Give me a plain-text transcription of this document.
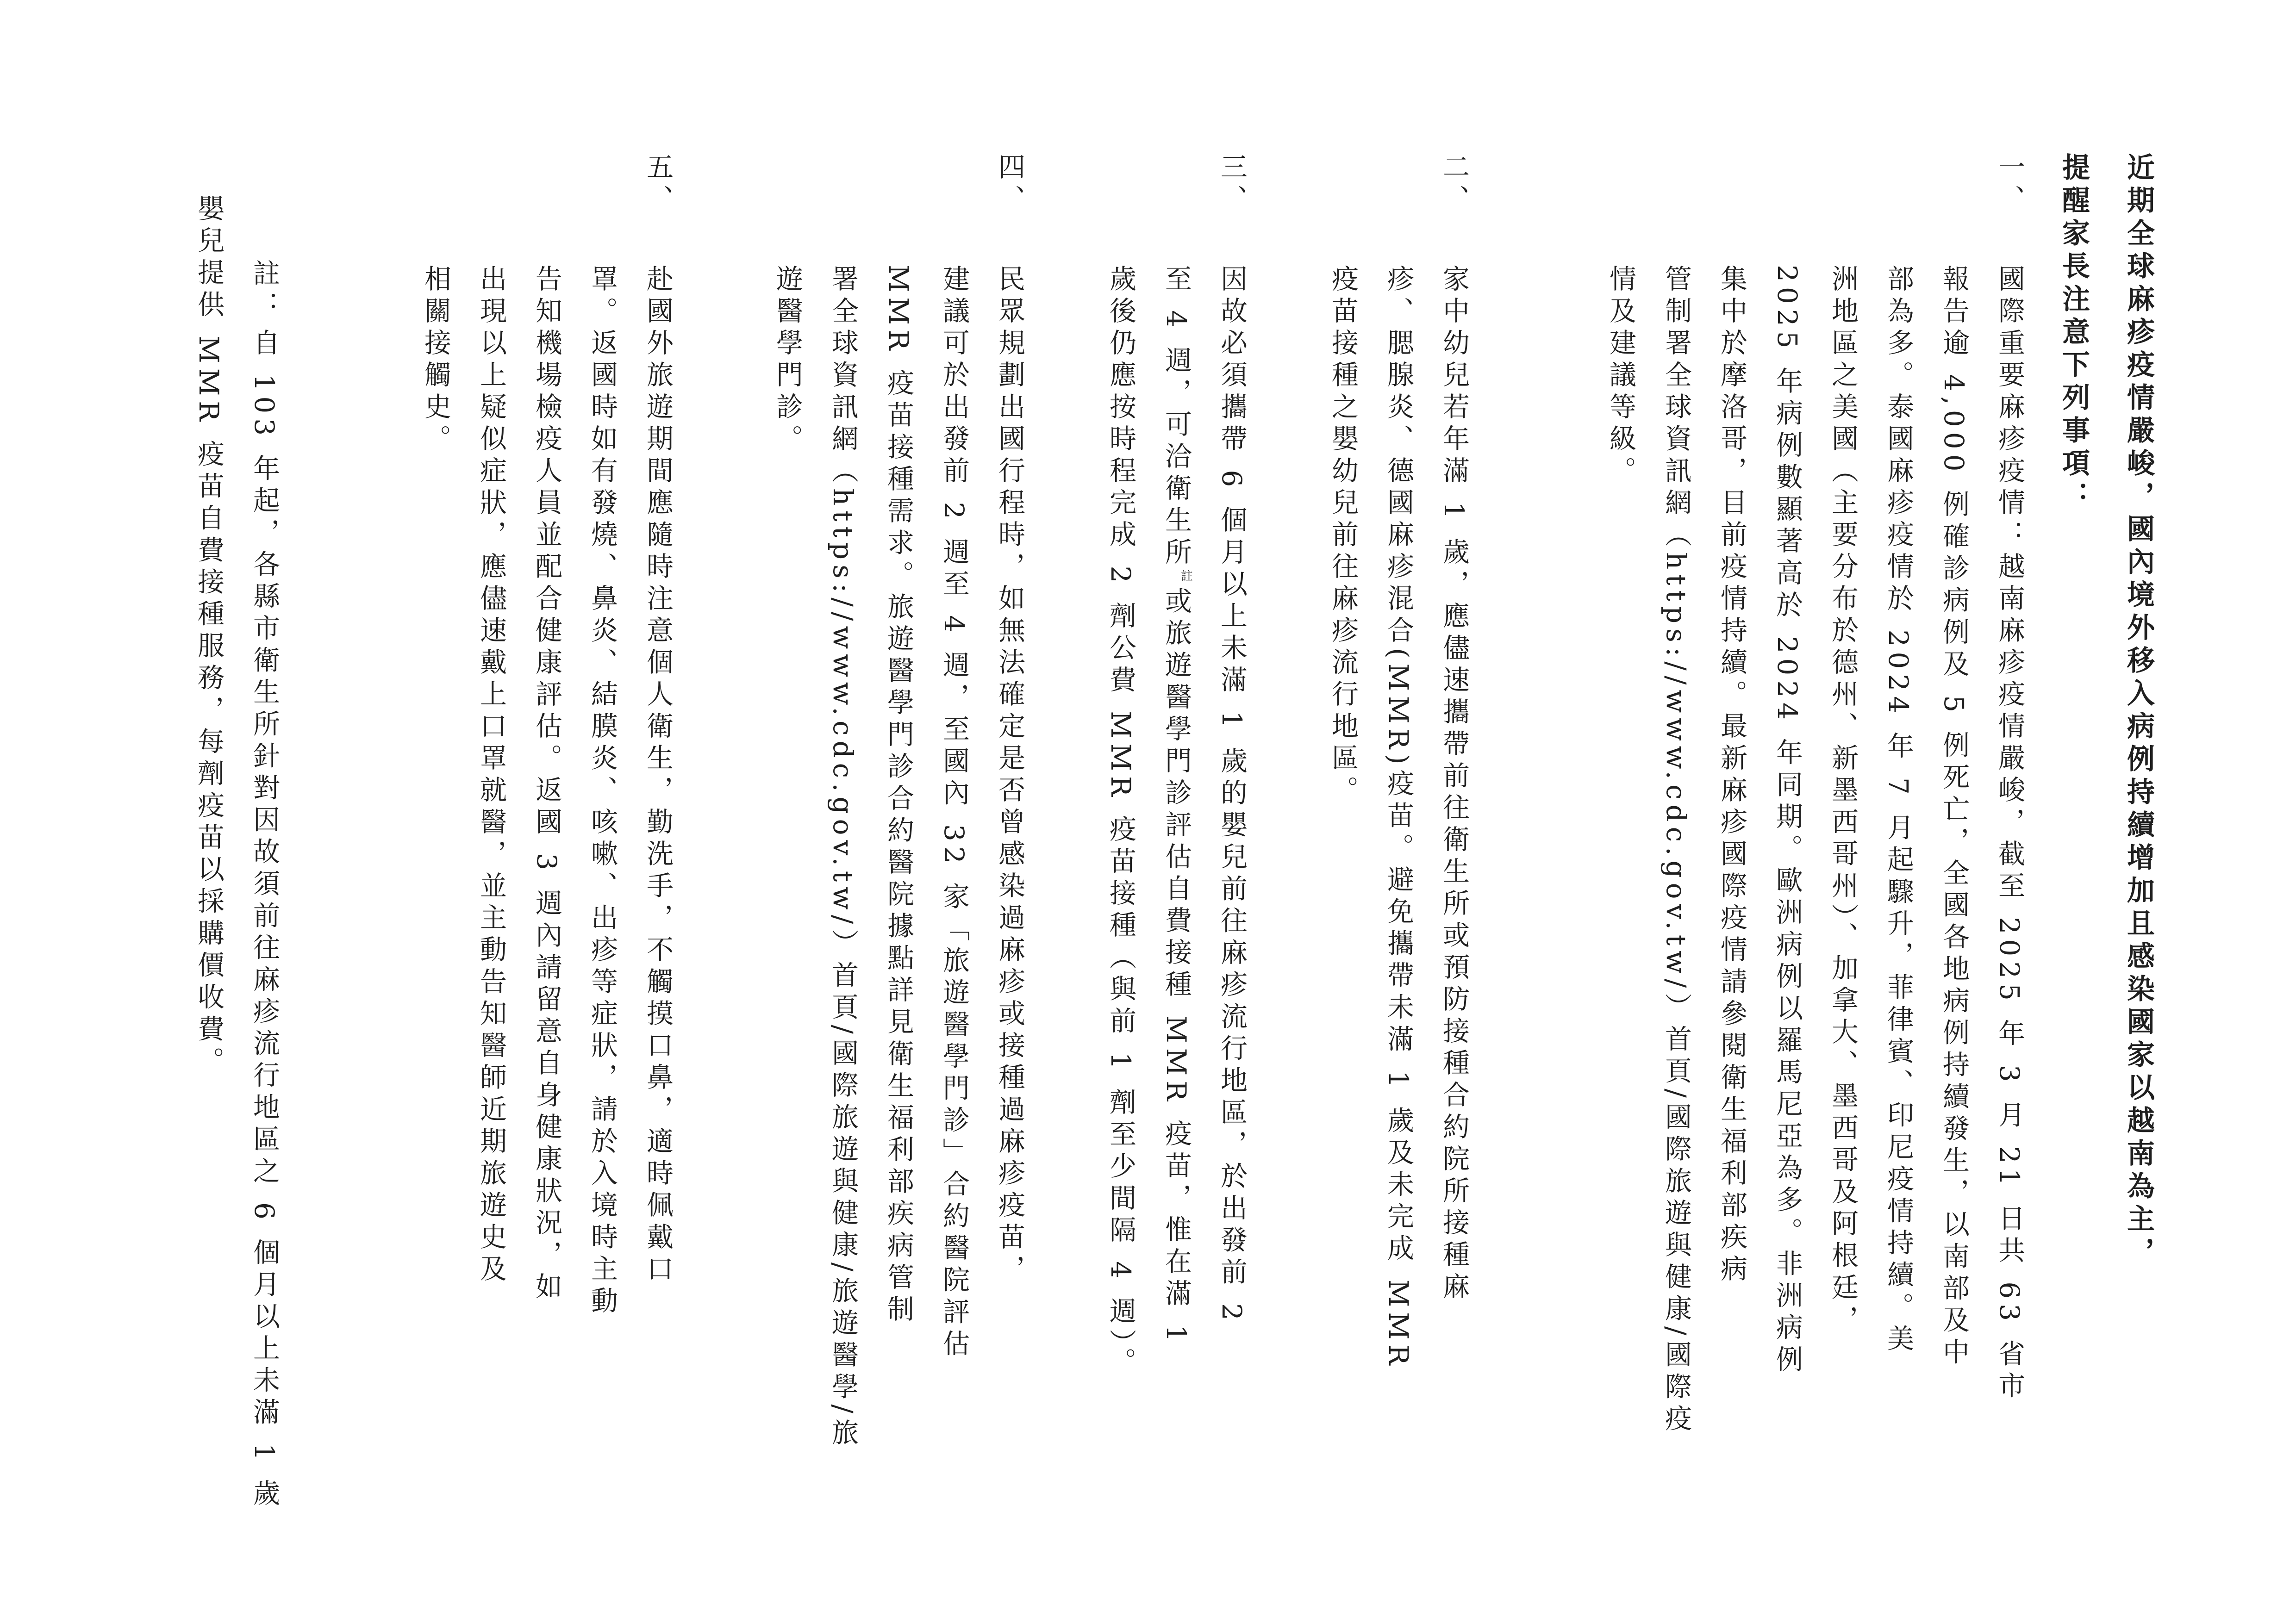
近期全球麻疹疫情嚴峻，國內境外移入病例持續增加且感染國家以越南為主，
提醒家長注意下列事項：
一、
國際重要麻疹疫情：越南麻疹疫情嚴峻，截至 2025 年 3 月 21 日共 63 省市
報告逾 4,000 例確診病例及 5 例死亡，全國各地病例持續發生，以南部及中
部為多。泰國麻疹疫情於 2024 年 7 月起驟升，菲律賓、印尼疫情持續。美
洲地區之美國（主要分布於德州、新墨西哥州）、加拿大、墨西哥及阿根廷，
2025 年病例數顯著高於 2024 年同期。歐洲病例以羅馬尼亞為多。非洲病例
集中於摩洛哥，目前疫情持續。最新麻疹國際疫情請參閱衛生福利部疾病
管制署全球資訊網（https://www.cdc.gov.tw/）首頁/國際旅遊與健康/國際疫
情及建議等級。
二、
家中幼兒若年滿 1 歲，應儘速攜帶前往衛生所或預防接種合約院所接種麻
疹、腮腺炎、德國麻疹混合(MMR)疫苗。避免攜帶未滿 1 歲及未完成 MMR
疫苗接種之嬰幼兒前往麻疹流行地區。
三、
因故必須攜帶 6 個月以上未滿 1 歲的嬰兒前往麻疹流行地區，於出發前 2
至 4 週，可洽衛生所$^註$或旅遊醫學門診評估自費接種 MMR 疫苗，惟在滿 1
歲後仍應按時程完成 2 劑公費 MMR 疫苗接種（與前 1 劑至少間隔 4 週）。
四、
民眾規劃出國行程時，如無法確定是否曾感染過麻疹或接種過麻疹疫苗，
建議可於出發前 2 週至 4 週，至國內 32 家「旅遊醫學門診」合約醫院評估
MMR 疫苗接種需求。旅遊醫學門診合約醫院據點詳見衛生福利部疾病管制
署全球資訊網（https://www.cdc.gov.tw/）首頁/國際旅遊與健康/旅遊醫學/旅
遊醫學門診。
五、
赴國外旅遊期間應隨時注意個人衛生，勤洗手，不觸摸口鼻，適時佩戴口
罩。返國時如有發燒、鼻炎、結膜炎、咳嗽、出疹等症狀，請於入境時主動
告知機場檢疫人員並配合健康評估。返國 3 週內請留意自身健康狀況，如
出現以上疑似症狀，應儘速戴上口罩就醫，並主動告知醫師近期旅遊史及
相關接觸史。
註：
自 103 年起，各縣市衛生所針對因故須前往麻疹流行地區之 6 個月以上未滿 1 歲
嬰兒提供 MMR 疫苗自費接種服務，每劑疫苗以採購價收費。
